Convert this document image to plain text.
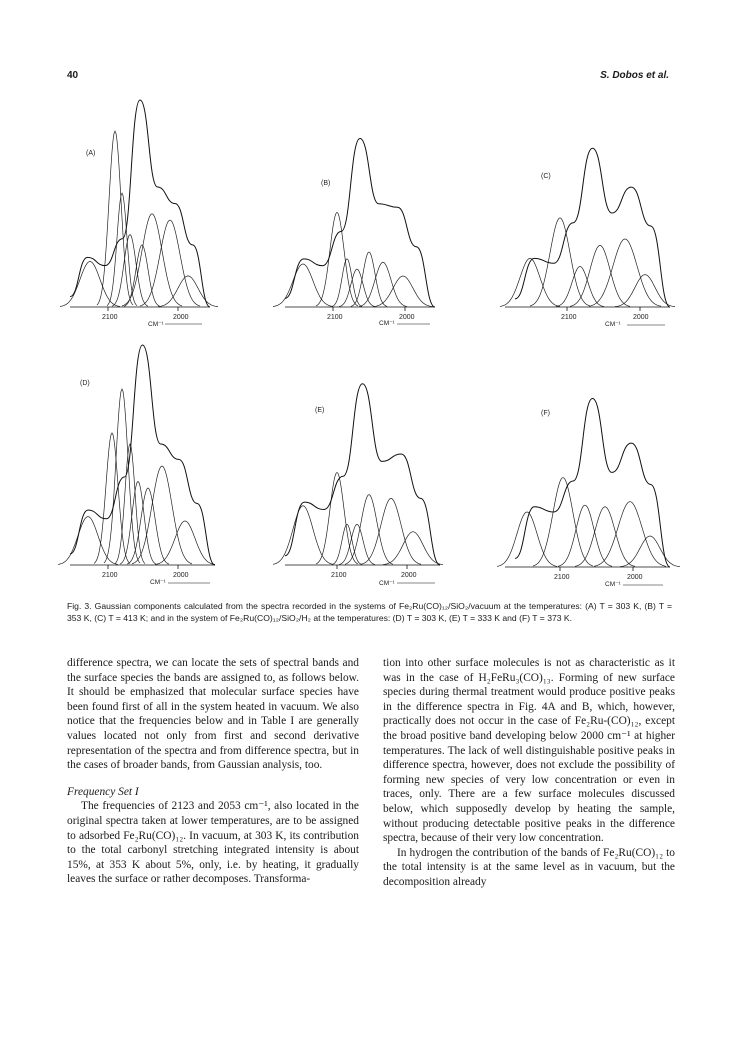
40	S. Dobos et al.
(A)
2100	2000
CM⁻¹
(B)
2100	2000
CM⁻¹
(C)
2100	2000
CM⁻¹
(D)
2100	2000
CM⁻¹
(E)
2100	2000
CM⁻¹
(F)
2100	2000
CM⁻¹
Fig. 3. Gaussian components calculated from the spectra recorded in the systems of Fe₂Ru(CO)₁₂/SiO₂/vacuum at the temperatures: (A) T = 303 K, (B) T = 353 K, (C) T = 413 K; and in the system of Fe₂Ru(CO)₁₂/SiO₂/H₂ at the temperatures: (D) T = 303 K, (E) T = 333 K and (F) T = 373 K.

difference spectra, we can locate the sets of spectral bands and the surface species the bands are assigned to, as follows below. It should be emphasized that molecular surface species have been found first of all in the system heated in vacuum. We also notice that the frequencies below and in Table I are generally values located not only from first and second derivative representation of the spectra and from difference spectra, but in the cases of broader bands, from Gaussian analysis, too.

Frequency Set I

The frequencies of 2123 and 2053 cm⁻¹, also located in the original spectra taken at lower temperatures, are to be assigned to adsorbed Fe₂Ru(CO)₁₂. In vacuum, at 303 K, its contribution to the total carbonyl stretching integrated intensity is about 15%, at 353 K about 5%, only, i.e. by heating, it gradually leaves the surface or rather decomposes. Transforma-

tion into other surface molecules is not as characteristic as it was in the case of H₂FeRu₃(CO)₁₃. Forming of new surface species during thermal treatment would produce positive peaks in the difference spectra in Fig. 4A and B, which, however, practically does not occur in the case of Fe₂Ru-(CO)₁₂, except the broad positive band developing below 2000 cm⁻¹ at higher temperatures. The lack of well distinguishable positive peaks in difference spectra, however, does not exclude the possibility of forming new species of very low concentration or even in traces, only. There are a few surface molecules discussed below, which supposedly develop by heating the sample, without producing detectable positive peaks in the difference spectra, because of their very low concentration.

In hydrogen the contribution of the bands of Fe₂Ru(CO)₁₂ to the total intensity is at the same level as in vacuum, but the decomposition already
